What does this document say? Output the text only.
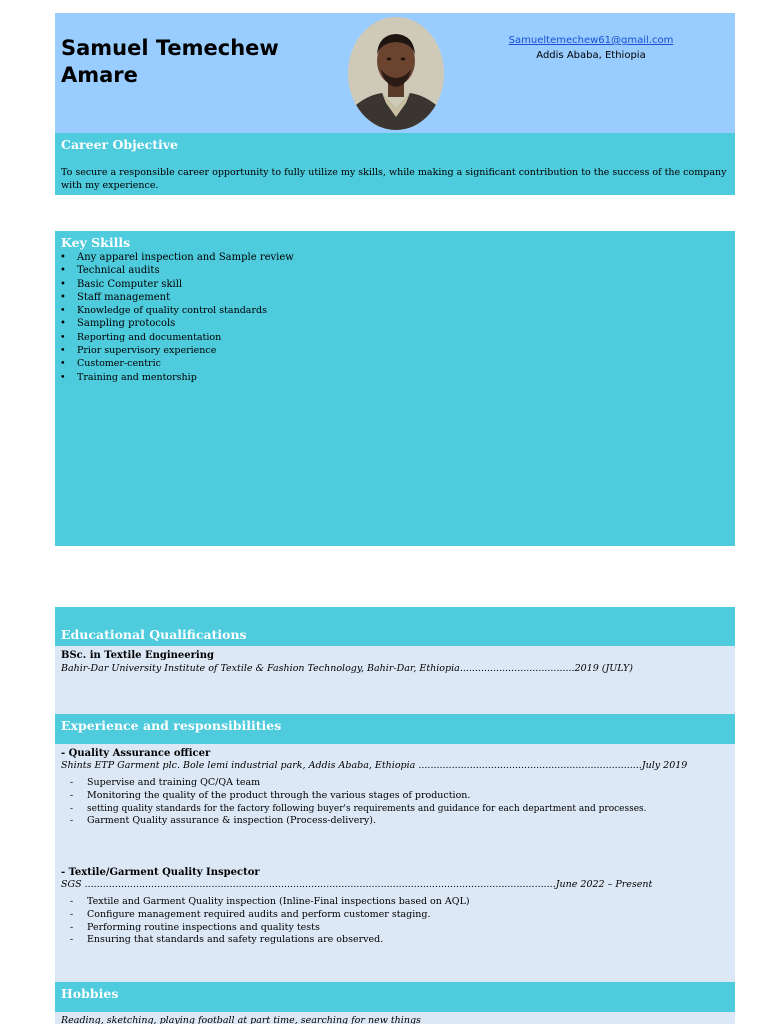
Samuel Temechew
Amare
Samueltemechew61@gmail.com
Addis Ababa, Ethiopia
Career Objective
To secure a responsible career opportunity to fully utilize my skills, while making a significant contribution to the success of the company with my experience.
Key Skills
• Any apparel inspection and Sample review
• Technical audits
• Basic Computer skill
• Staff management
• Knowledge of quality control standards
• Sampling protocols
• Reporting and documentation
• Prior supervisory experience
• Customer-centric
• Training and mentorship
Educational Qualifications
BSc. in Textile Engineering
Bahir-Dar University Institute of Textile & Fashion Technology, Bahir-Dar, Ethiopia......................................2019 (JULY)
Experience and responsibilities
- Quality Assurance officer
Shints ETP Garment plc. Bole lemi industrial park, Addis Ababa, Ethiopia ..........................................................................July 2019
- Supervise and training QC/QA team
- Monitoring the quality of the product through the various stages of production.
- setting quality standards for the factory following buyer's requirements and guidance for each department and processes.
- Garment Quality assurance & inspection (Process-delivery).
- Textile/Garment Quality Inspector
SGS ............................................................................................................................................................June 2022 – Present
- Textile and Garment Quality inspection (Inline-Final inspections based on AQL)
- Configure management required audits and perform customer staging.
- Performing routine inspections and quality tests
- Ensuring that standards and safety regulations are observed.
Hobbies
Reading, sketching, playing football at part time, searching for new things
